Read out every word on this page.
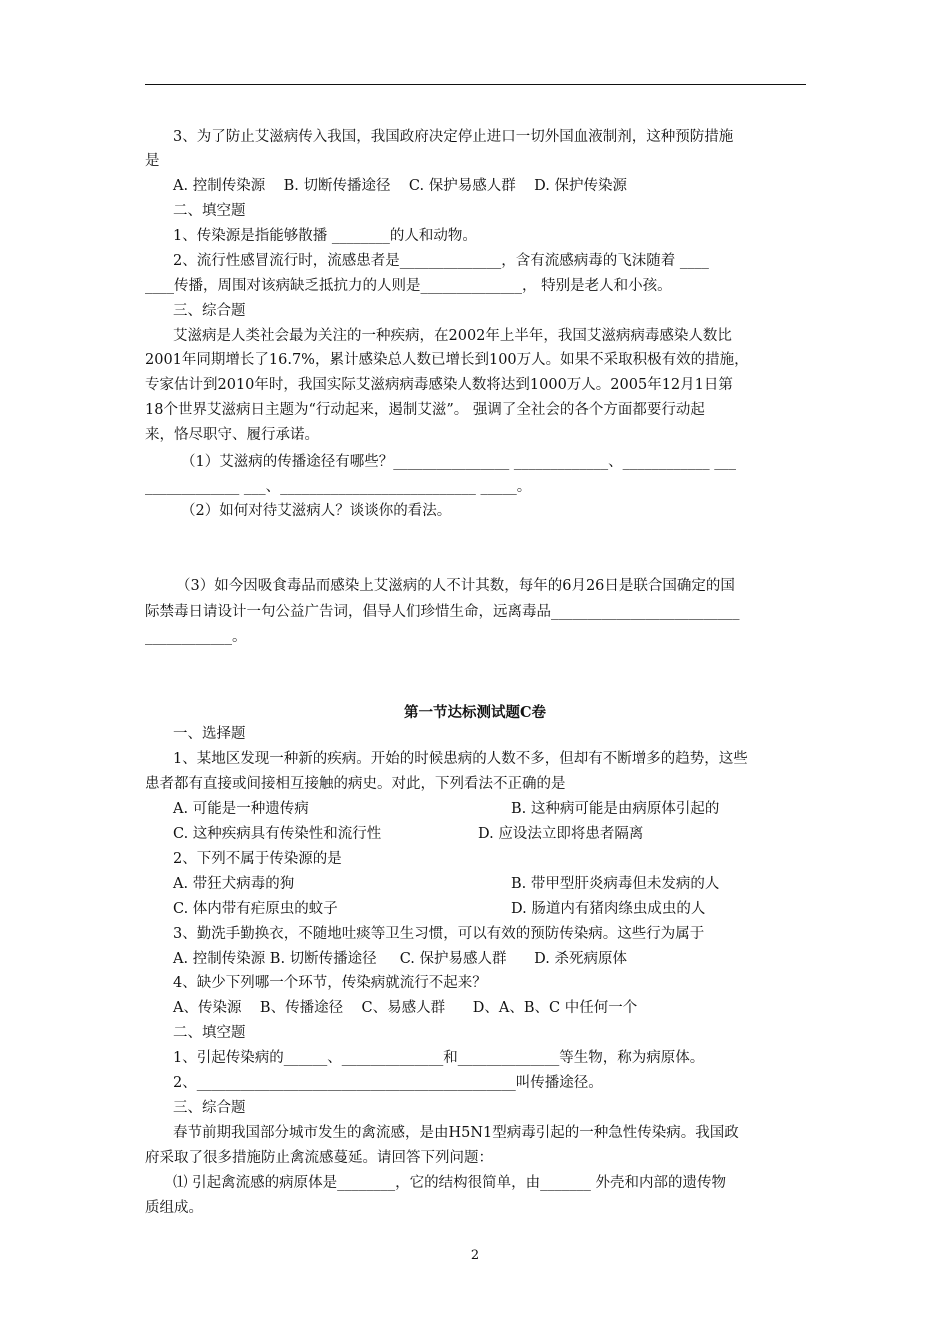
3、为了防止艾滋病传入我国，我国政府决定停止进口一切外国血液制剂，这种预防措施
是
A. 控制传染源    B. 切断传播途径    C. 保护易感人群    D. 保护传染源
二、填空题
1、传染源是指能够散播 ________的人和动物。
2、流行性感冒流行时，流感患者是______________，含有流感病毒的飞沫随着 ____
____传播，周围对该病缺乏抵抗力的人则是______________， 特别是老人和小孩。
三、综合题
艾滋病是人类社会最为关注的一种疾病，在2002年上半年，我国艾滋病病毒感染人数比
2001年同期增长了16.7%，累计感染总人数已增长到100万人。如果不采取积极有效的措施，
专家估计到2010年时，我国实际艾滋病病毒感染人数将达到1000万人。2005年12月1日第
18个世界艾滋病日主题为“行动起来，遏制艾滋”。 强调了全社会的各个方面都要行动起
来，恪尽职守、履行承诺。
（1）艾滋病的传播途径有哪些？________________ _____________、____________ ___
_____________ ___、___________________________ _____。
（2）如何对待艾滋病人？谈谈你的看法。
（3）如今因吸食毒品而感染上艾滋病的人不计其数，每年的6月26日是联合国确定的国
际禁毒日请设计一句公益广告词，倡导人们珍惜生命，远离毒品__________________________
____________。
第一节达标测试题C卷
一、选择题
1、某地区发现一种新的疾病。开始的时候患病的人数不多，但却有不断增多的趋势，这些
患者都有直接或间接相互接触的病史。对此，下列看法不正确的是
A. 可能是一种遗传病	B. 这种病可能是由病原体引起的
C. 这种疾病具有传染性和流行性	D. 应设法立即将患者隔离
2、下列不属于传染源的是
A. 带狂犬病毒的狗	B. 带甲型肝炎病毒但未发病的人
C. 体内带有疟原虫的蚊子	D. 肠道内有猪肉绦虫成虫的人
3、勤洗手勤换衣，不随地吐痰等卫生习惯，可以有效的预防传染病。这些行为属于
A. 控制传染源 B. 切断传播途径     C. 保护易感人群      D. 杀死病原体
4、缺少下列哪一个环节，传染病就流行不起来？
A、传染源    B、传播途径    C、易感人群      D、A、B、C 中任何一个
二、填空题
1、引起传染病的______、______________和______________等生物，称为病原体。
2、____________________________________________叫传播途径。
三、综合题
春节前期我国部分城市发生的禽流感，是由H5N1型病毒引起的一种急性传染病。我国政
府采取了很多措施防止禽流感蔓延。请回答下列问题：
⑴ 引起禽流感的病原体是________，它的结构很简单，由_______ 外壳和内部的遗传物
质组成。
2
